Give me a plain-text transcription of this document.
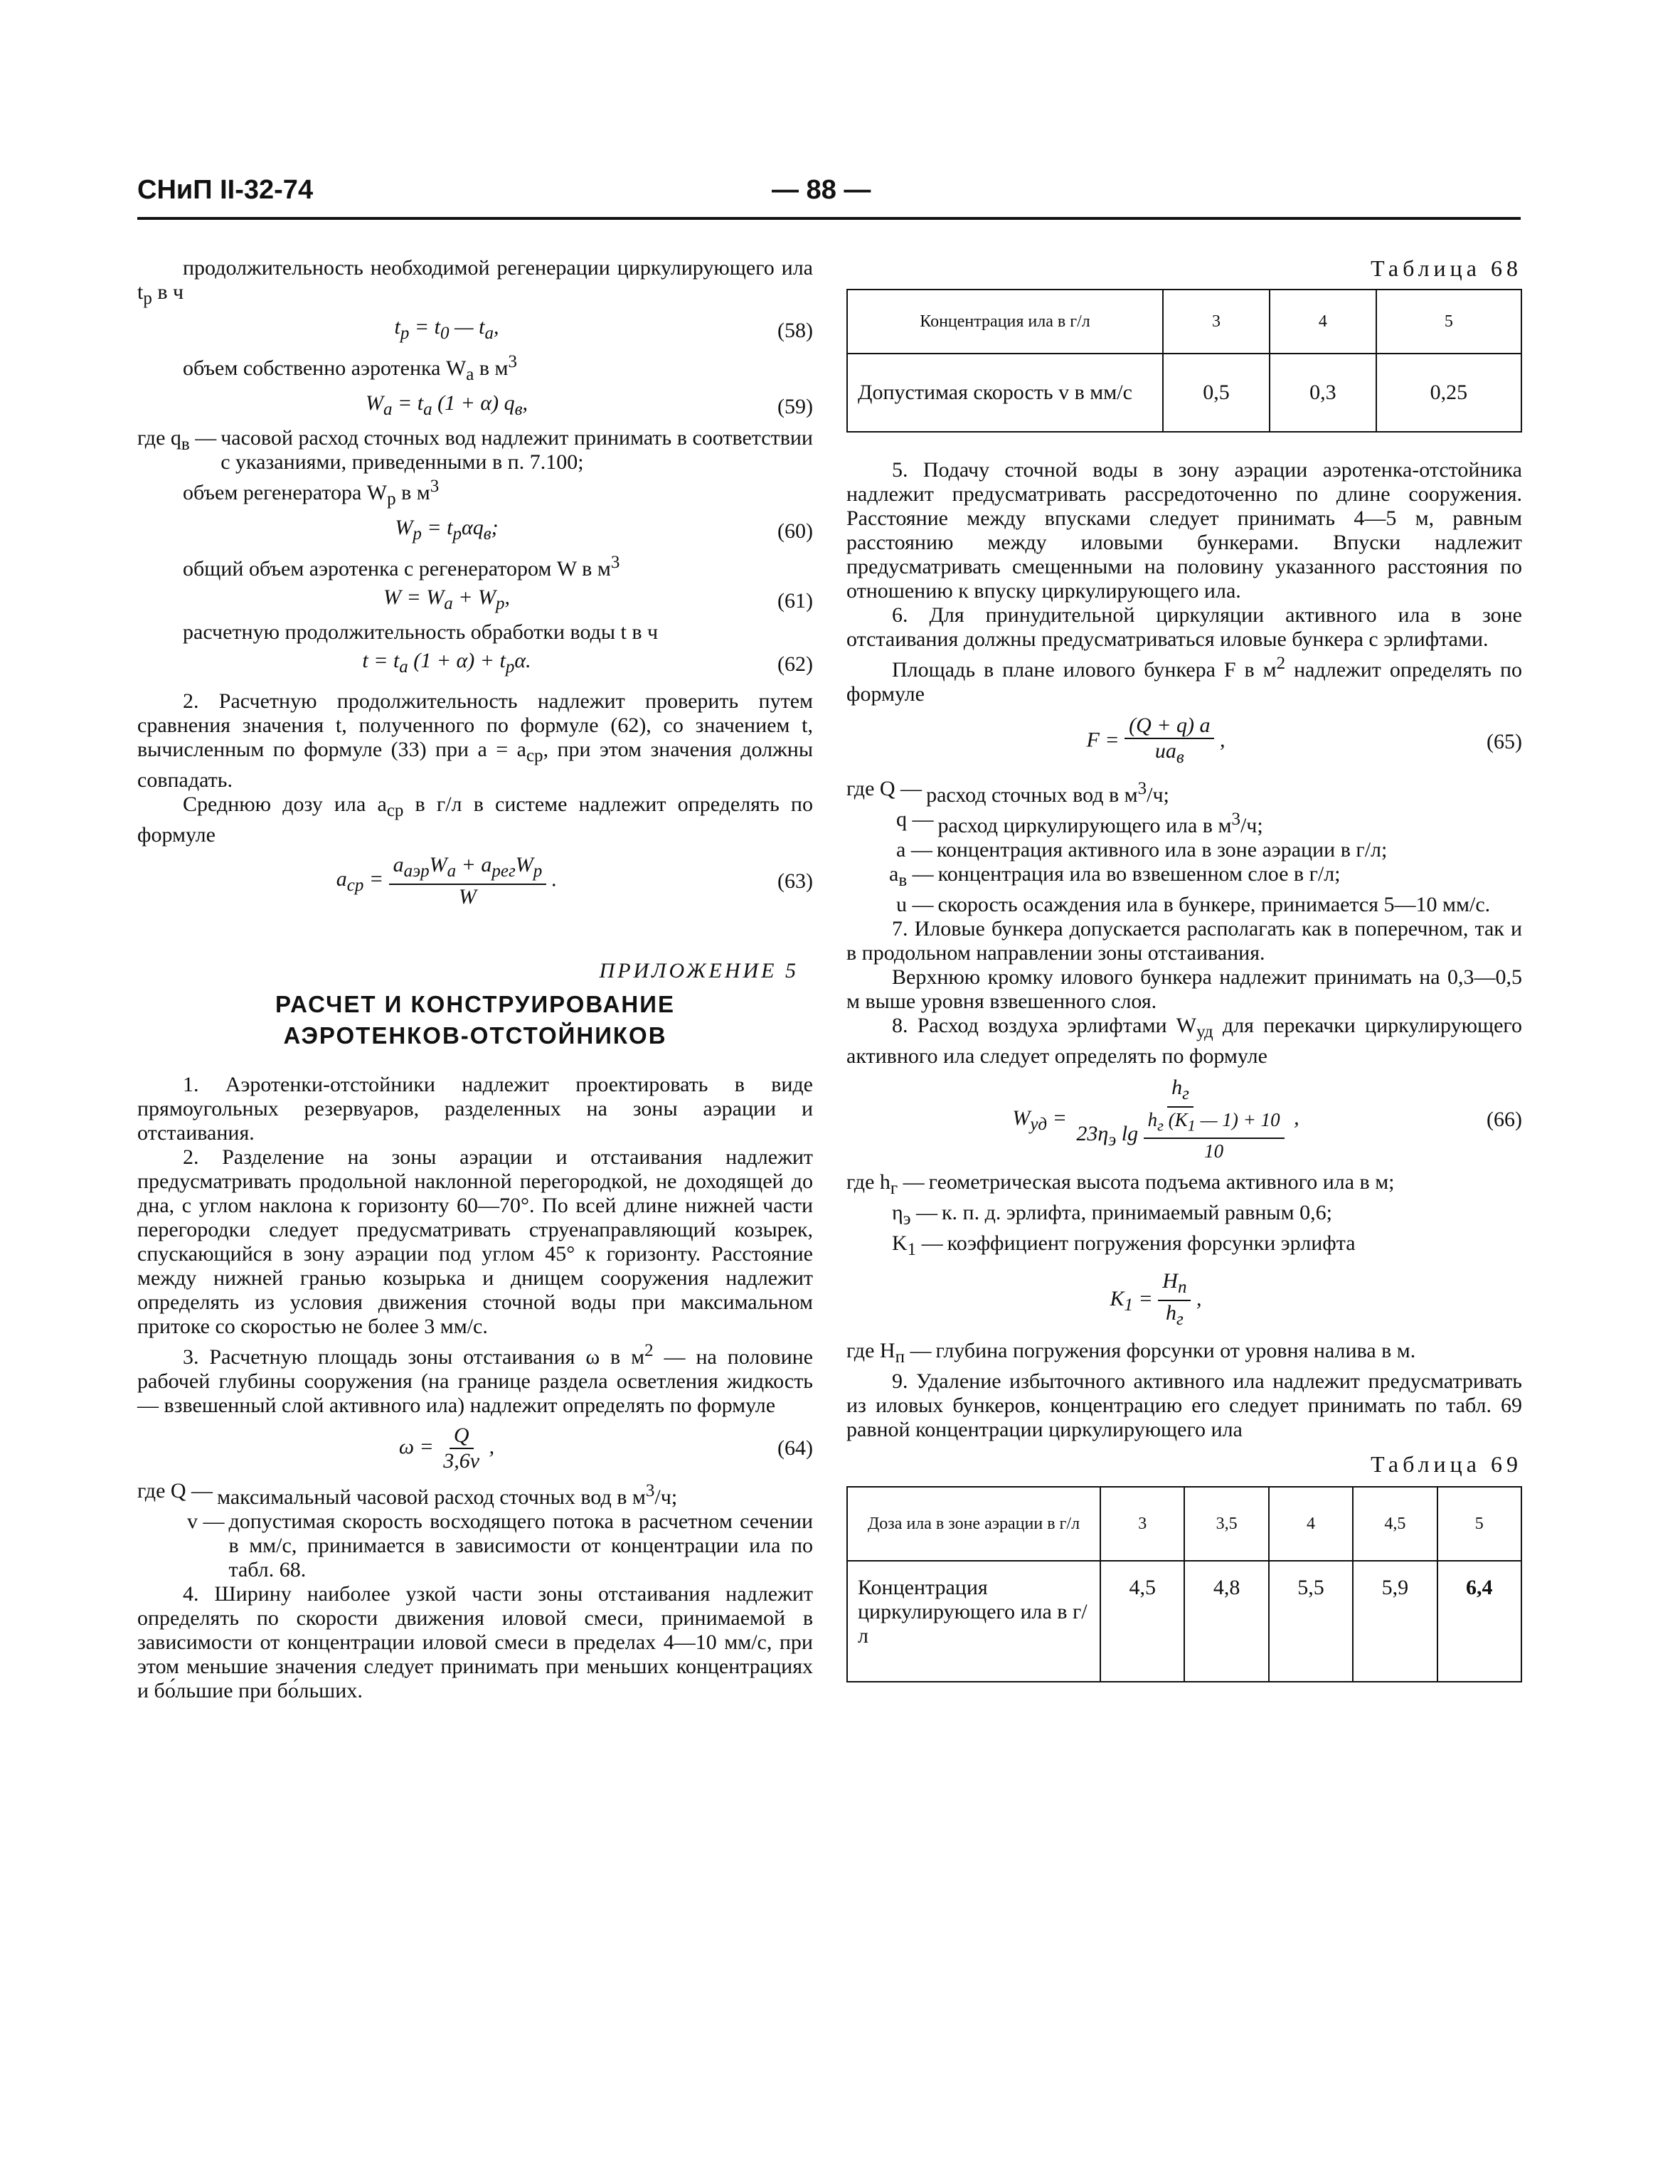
СНиП II-32-74	— 88 —

продолжительность необходимой регенерации циркулирующего ила $t_р$ в ч

$t_р = t_0$ — $t_а$,	(58)

объем собственно аэротенка $W_а$ в $м^3$

$W_а = t_а$ (1 + α) $q_в$,	(59)
где $q_в$ — часовой расход сточных вод надлежит принимать в соответствии с указаниями, приведенными в п. 7.100;

объем регенератора $W_р$ в $м^3$

$W_р = t_р\alpha q_в$;	(60)

общий объем аэротенка с регенератором W в $м^3$

$W = W_а + W_р$,	(61)

расчетную продолжительность обработки воды t в ч

$t = t_а$ $(1 + \alpha) + t_р\alpha$.	(62)

2. Расчетную продолжительность надлежит проверить путем сравнения значения t, полученного по формуле (62), со значением t, вычисленным по формуле (33) при $a = a_{ср}$, при этом значения должны совпадать.

Среднюю дозу ила $a_{ср}$ в г/л в системе надлежит определять по формуле

$a_{ср} = \frac{a_{аэр}W_а + a_{рег}W_р}{W}$ .	(63)
ПРИЛОЖЕНИЕ 5
РАСЧЕТ И КОНСТРУИРОВАНИЕ
АЭРОТЕНКОВ-ОТСТОЙНИКОВ

1. Аэротенки-отстойники надлежит проектировать в виде прямоугольных резервуаров, разделенных на зоны аэрации и отстаивания.

2. Разделение на зоны аэрации и отстаивания надлежит предусматривать продольной наклонной перегородкой, не доходящей до дна, с углом наклона к горизонту 60—70°. По всей длине нижней части перегородки следует предусматривать струенаправляющий козырек, спускающийся в зону аэрации под углом 45° к горизонту. Расстояние между нижней гранью козырька и днищем сооружения надлежит определять из условия движения сточной воды при максимальном притоке со скоростью не более 3 мм/с.

3. Расчетную площадь зоны отстаивания ω в $м^2$ — на половине рабочей глубины сооружения (на границе раздела осветления жидкость — взвешенный слой активного ила) надлежит определять по формуле

$\omega = \frac{Q}{3,6v}$ ,	(64)
где Q — максимальный часовой расход сточных вод в $м^3/ч$;
v — допустимая скорость восходящего потока в расчетном сечении в мм/с, принимается в зависимости от концентрации ила по табл. 68.

4. Ширину наиболее узкой части зоны отстаивания надлежит определять по скорости движения иловой смеси, принимаемой в зависимости от концентрации иловой смеси в пределах 4—10 мм/с, при этом меньшие значения следует принимать при меньших концентрациях и бо́льшие при бо́льших.

Таблица 68
Концентрация ила в г/л	3	4	5
Допустимая скорость v в мм/с	0,5	0,3	0,25

5. Подачу сточной воды в зону аэрации аэротенка-отстойника надлежит предусматривать рассредоточенно по длине сооружения. Расстояние между впусками следует принимать 4—5 м, равным расстоянию между иловыми бункерами. Впуски надлежит предусматривать смещенными на половину указанного расстояния по отношению к впуску циркулирующего ила.

6. Для принудительной циркуляции активного ила в зоне отстаивания должны предусматриваться иловые бункера с эрлифтами.

Площадь в плане илового бункера F в $м^2$ надлежит определять по формуле

$F = \frac{(Q + q) a}{ua_в}$ ,	(65)
где Q — расход сточных вод в $м^3/ч$;
q — расход циркулирующего ила в $м^3/ч$;
a — концентрация активного ила в зоне аэрации в г/л;
$a_в$ — концентрация ила во взвешенном слое в г/л;
u — скорость осаждения ила в бункере, принимается 5—10 мм/с.

7. Иловые бункера допускается располагать как в поперечном, так и в продольном направлении зоны отстаивания.

Верхнюю кромку илового бункера надлежит принимать на 0,3—0,5 м выше уровня взвешенного слоя.

8. Расход воздуха эрлифтами $W_{уд}$ для перекачки циркулирующего активного ила следует определять по формуле

$W_{уд} = \frac{h_г}{23\eta_э \lg \frac{h_г (K_1 — 1) + 10}{10}}$ ,	(66)
где $h_г$ — геометрическая высота подъема активного ила в м;
$\eta_э$ — к. п. д. эрлифта, принимаемый равным 0,6;
$K_1$ — коэффициент погружения форсунки эрлифта
$K_1 = \frac{H_п}{h_г}$ ,
где $H_п$ — глубина погружения форсунки от уровня налива в м.

9. Удаление избыточного активного ила надлежит предусматривать из иловых бункеров, концентрацию его следует принимать по табл. 69 равной концентрации циркулирующего ила

Таблица 69
Доза ила в зоне аэрации в г/л	3	3,5	4	4,5	5
Концентрация циркулирующего ила в г/л	4,5	4,8	5,5	5,9	6,4
